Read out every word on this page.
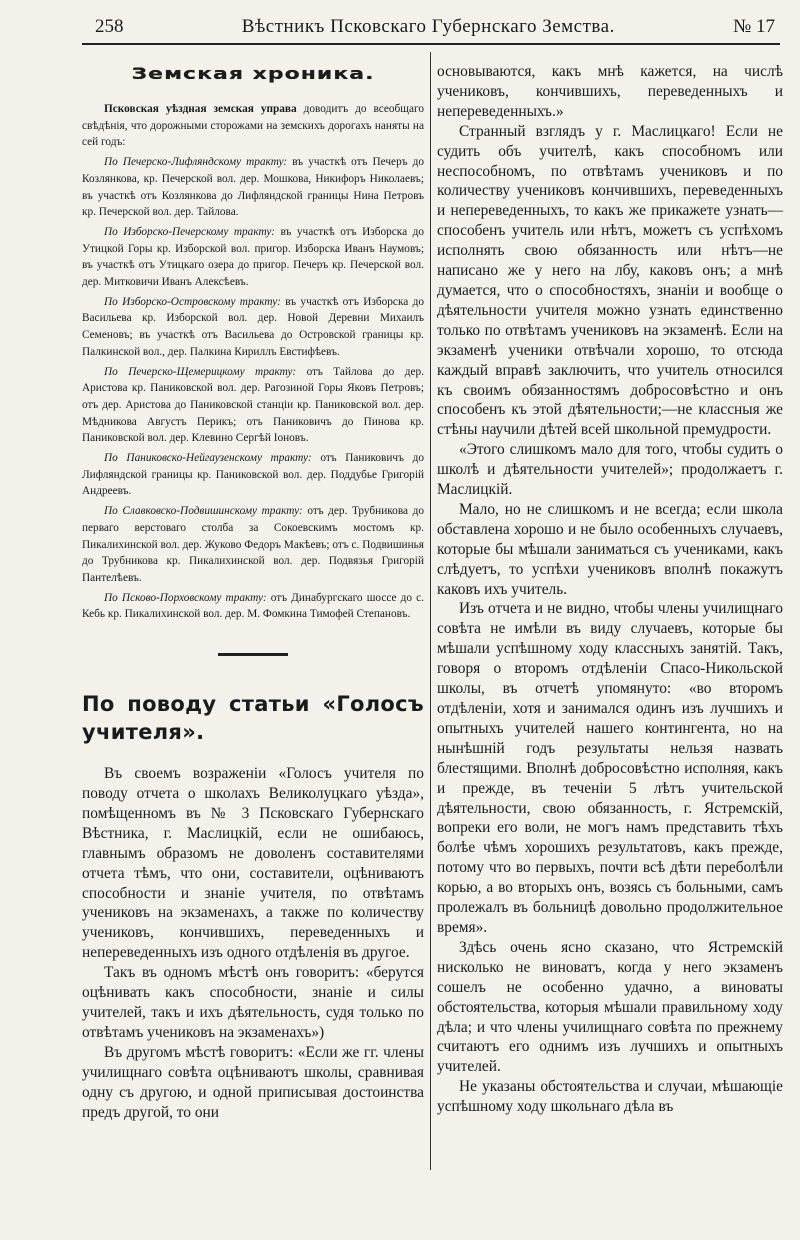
258	Вѣстникъ Псковскаго Губернскаго Земства.	№ 17
Земская хроника.

Псковская уѣздная земская управа доводитъ до всеобщаго свѣдѣнія, что дорожными сторожами на земскихъ дорогахъ наняты на сей годъ:

По Печерско-Лифляндскому тракту: въ участкѣ отъ Печеръ до Козлянкова, кр. Печерской вол. дер. Мошкова, Никифоръ Николаевъ; въ участкѣ отъ Козлянкова до Лифляндской границы Нина Петровъ кр. Печерской вол. дер. Тайлова.

По Изборско-Печерскому тракту: въ участкѣ отъ Изборска до Утицкой Горы кр. Изборской вол. пригор. Изборска Иванъ Наумовъ; въ участкѣ отъ Утицкаго озера до пригор. Печеръ кр. Печерской вол. дер. Митковичи Иванъ Алексѣевъ.

По Изборско-Островскому тракту: въ участкѣ отъ Изборска до Васильева кр. Изборской вол. дер. Новой Деревни Михаилъ Семеновъ; въ участкѣ отъ Васильева до Островской границы кр. Палкинской вол., дер. Палкина Кириллъ Евстифѣевъ.

По Печерско-Щемерицкому тракту: отъ Тайлова до дер. Аристова кр. Паниковской вол. дер. Рагозиной Горы Яковъ Петровъ; отъ дер. Аристова до Паниковской станціи кр. Паниковской вол. дер. Мѣдникова Августъ Перикъ; отъ Паниковичъ до Пинова кр. Паниковской вол. дер. Клевино Сергѣй Іоновъ.

По Паниковско-Нейгаузенскому тракту: отъ Паниковичъ до Лифляндской границы кр. Паниковской вол. дер. Поддубье Григорій Андреевъ.

По Славковско-Подвишинскому тракту: отъ дер. Трубникова до перваго верстоваго столба за Сокоевскимъ мостомъ кр. Пикалихинской вол. дер. Жуково Федоръ Макѣевъ; отъ с. Подвишинья до Трубникова кр. Пикалихинской вол. дер. Подвязья Григорій Пантелѣевъ.

По Псково-Порховскому тракту: отъ Динабургскаго шоссе до с. Кебь кр. Пикалихинской вол. дер. М. Фомкина Тимофей Степановъ.

По поводу статьи «Голосъ учителя».

Въ своемъ возраженіи «Голосъ учителя по поводу отчета о школахъ Великолуцкаго уѣзда», помѣщенномъ въ № 3 Псковскаго Губернскаго Вѣстника, г. Маслицкій, если не ошибаюсь, главнымъ образомъ не доволенъ составителями отчета тѣмъ, что они, составители, оцѣниваютъ способности и знаніе учителя, по отвѣтамъ учениковъ на экзаменахъ, а также по количеству учениковъ, кончившихъ, переведенныхъ и непереведенныхъ изъ одного отдѣленія въ другое.

Такъ въ одномъ мѣстѣ онъ говоритъ: «берутся оцѣнивать какъ способности, знаніе и силы учителей, такъ и ихъ дѣятельность, судя только по отвѣтамъ учениковъ на экзаменахъ»)

Въ другомъ мѣстѣ говоритъ: «Если же гг. члены училищнаго совѣта оцѣниваютъ школы, сравнивая одну съ другою, и одной приписывая достоинства предъ другой, то они

основываются, какъ мнѣ кажется, на числѣ учениковъ, кончившихъ, переведенныхъ и непереведенныхъ.»

Странный взглядъ у г. Маслицкаго! Если не судить объ учителѣ, какъ способномъ или неспособномъ, по отвѣтамъ учениковъ и по количеству учениковъ кончившихъ, переведенныхъ и непереведенныхъ, то какъ же прикажете узнать—способенъ учитель или нѣтъ, можетъ съ успѣхомъ исполнять свою обязанность или нѣтъ—не написано же у него на лбу, каковъ онъ; а мнѣ думается, что о способностяхъ, знаніи и вообще о дѣятельности учителя можно узнать единственно только по отвѣтамъ учениковъ на экзаменѣ. Если на экзаменѣ ученики отвѣчали хорошо, то отсюда каждый вправѣ заключить, что учитель относился къ своимъ обязанностямъ добросовѣстно и онъ способенъ къ этой дѣятельности;—не классныя же стѣны научили дѣтей всей школьной премудрости.

«Этого слишкомъ мало для того, чтобы судить о школѣ и дѣятельности учителей»; продолжаетъ г. Маслицкій.

Мало, но не слишкомъ и не всегда; если школа обставлена хорошо и не было особенныхъ случаевъ, которые бы мѣшали заниматься съ учениками, какъ слѣдуетъ, то успѣхи учениковъ вполнѣ покажутъ каковъ ихъ учитель.

Изъ отчета и не видно, чтобы члены училищнаго совѣта не имѣли въ виду случаевъ, которые бы мѣшали успѣшному ходу классныхъ занятій. Такъ, говоря о второмъ отдѣленіи Спасо-Никольской школы, въ отчетѣ упомянуто: «во второмъ отдѣленіи, хотя и занимался одинъ изъ лучшихъ и опытныхъ учителей нашего контингента, но на нынѣшній годъ результаты нельзя назвать блестящими. Вполнѣ добросовѣстно исполняя, какъ и прежде, въ теченіи 5 лѣтъ учительской дѣятельности, свою обязанность, г. Ястремскій, вопреки его воли, не могъ намъ представить тѣхъ болѣе чѣмъ хорошихъ результатовъ, какъ прежде, потому что во первыхъ, почти всѣ дѣти переболѣли корью, а во вторыхъ онъ, возясь съ больными, самъ пролежалъ въ больницѣ довольно продолжительное время».

Здѣсь очень ясно сказано, что Ястремскій нисколько не виноватъ, когда у него экзаменъ сошелъ не особенно удачно, а виноваты обстоятельства, которыя мѣшали правильному ходу дѣла; и что члены училищнаго совѣта по прежнему считаютъ его однимъ изъ лучшихъ и опытныхъ учителей.

Не указаны обстоятельства и случаи, мѣшающіе успѣшному ходу школьнаго дѣла въ
